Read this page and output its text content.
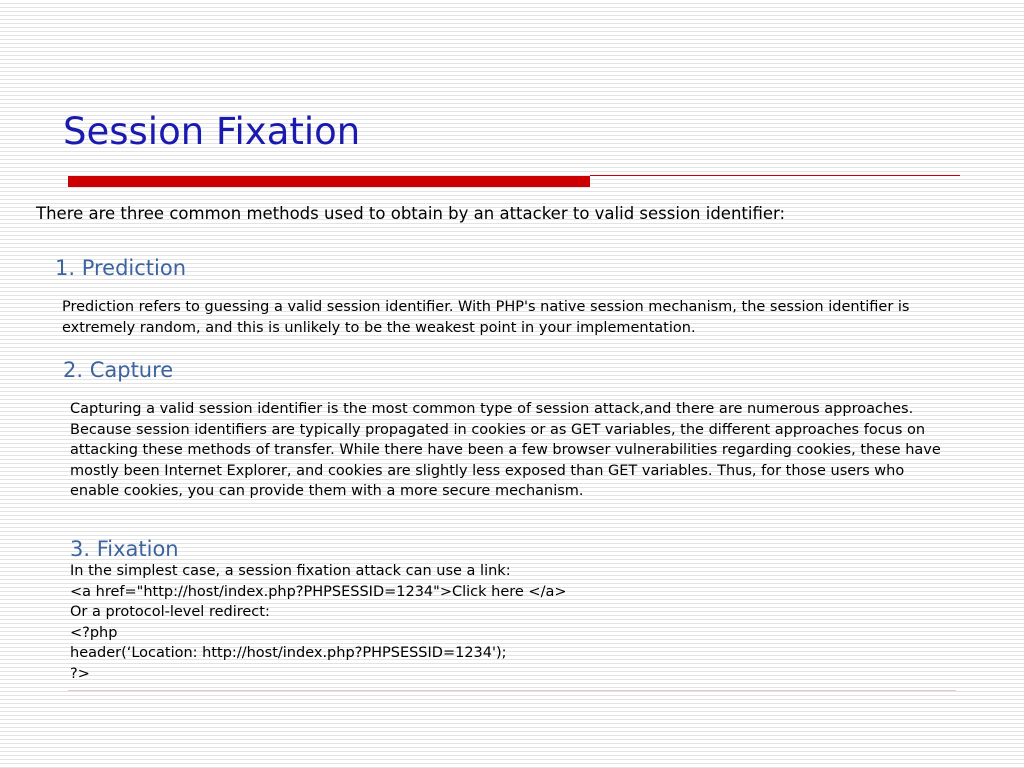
Session Fixation
There are three common methods used to obtain by an attacker to valid session identifier:
1. Prediction

Prediction refers to guessing a valid session identifier. With PHP's native session mechanism, the session identifier is extremely random, and this is unlikely to be the weakest point in your implementation.

2. Capture

Capturing a valid session identifier is the most common type of session attack,and there are numerous approaches. Because session identifiers are typically propagated in cookies or as GET variables, the different approaches focus on attacking these methods of transfer. While there have been a few browser vulnerabilities regarding cookies, these have mostly been Internet Explorer, and cookies are slightly less exposed than GET variables. Thus, for those users who enable cookies, you can provide them with a more secure mechanism.

3. Fixation
In the simplest case, a session fixation attack can use a link:
<a href="http://host/index.php?PHPSESSID=1234">Click here </a>
Or a protocol-level redirect:
<?php
header(‘Location: http://host/index.php?PHPSESSID=1234');
?>
